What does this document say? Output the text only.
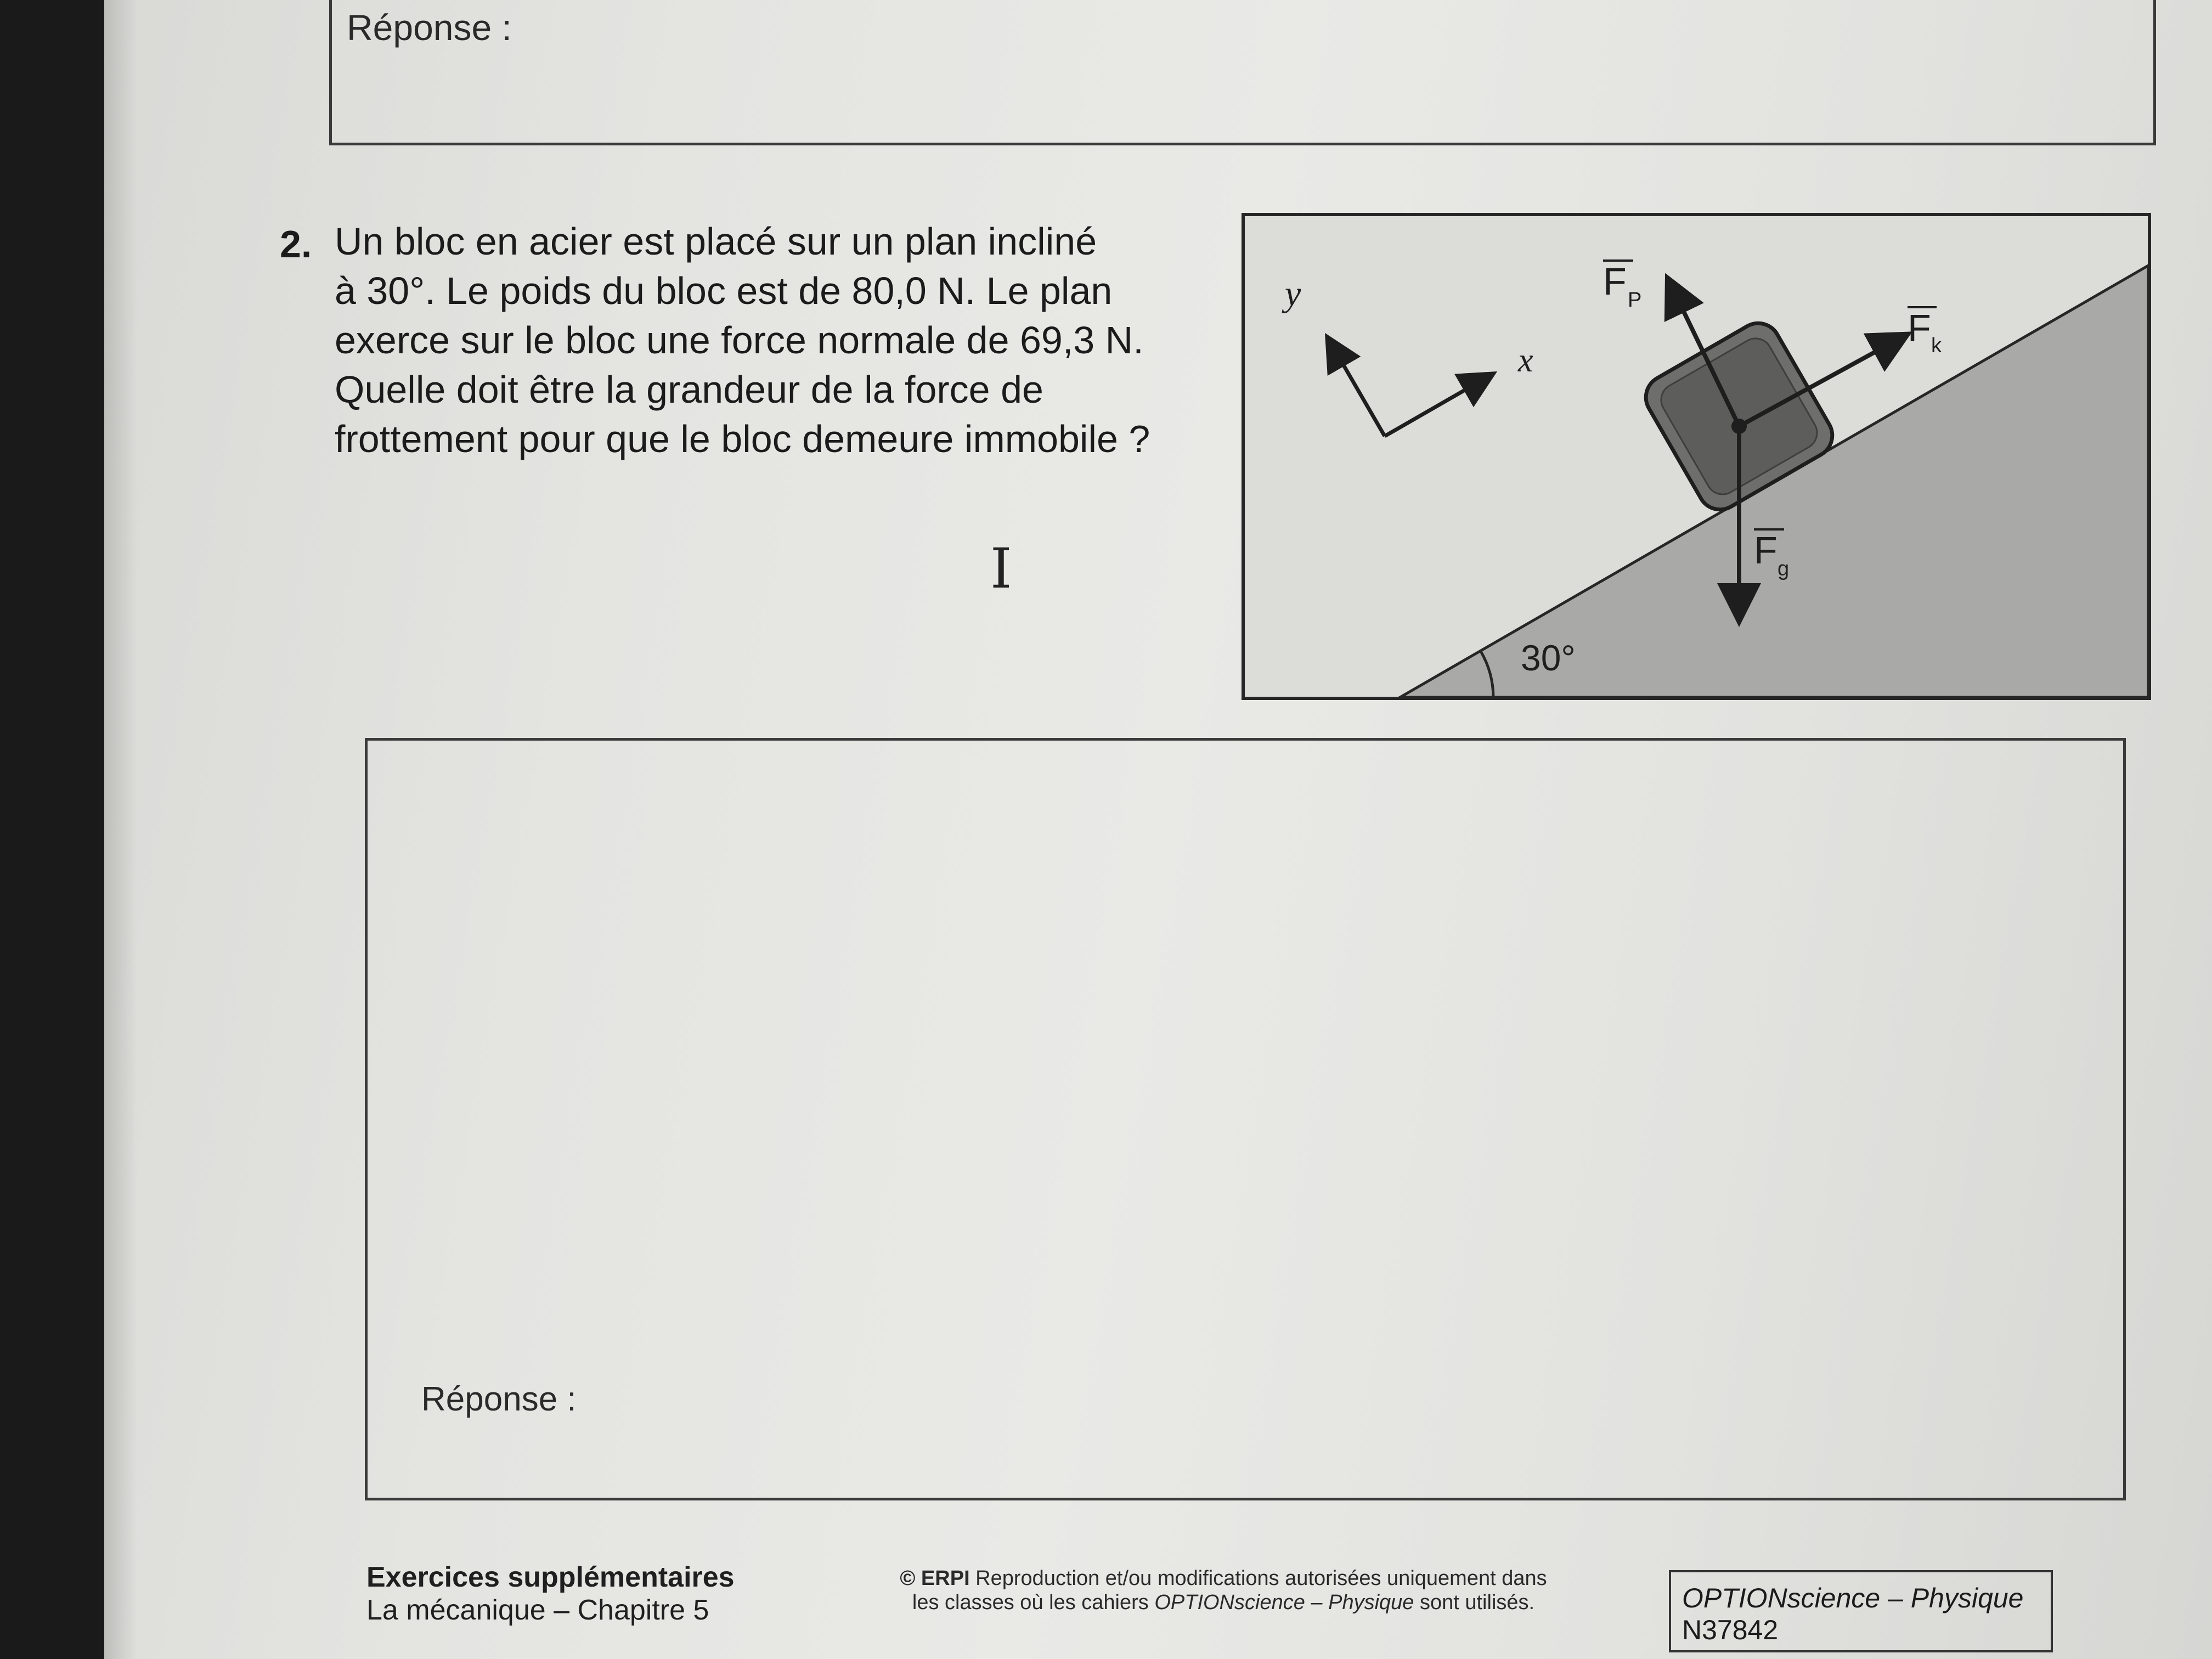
Réponse :
2. Un bloc en acier est placé sur un plan incliné
à 30°. Le poids du bloc est de 80,0 N. Le plan
exerce sur le bloc une force normale de 69,3 N.
Quelle doit être la grandeur de la force de
frottement pour que le bloc demeure immobile ?
I
30°
y
x
F P
F k
F g
Réponse :
Exercices supplémentaires
La mécanique – Chapitre 5
© ERPI Reproduction et/ou modifications autorisées uniquement dans
les classes où les cahiers OPTIONscience – Physique sont utilisés.	OPTIONscience – Physique
N37842
